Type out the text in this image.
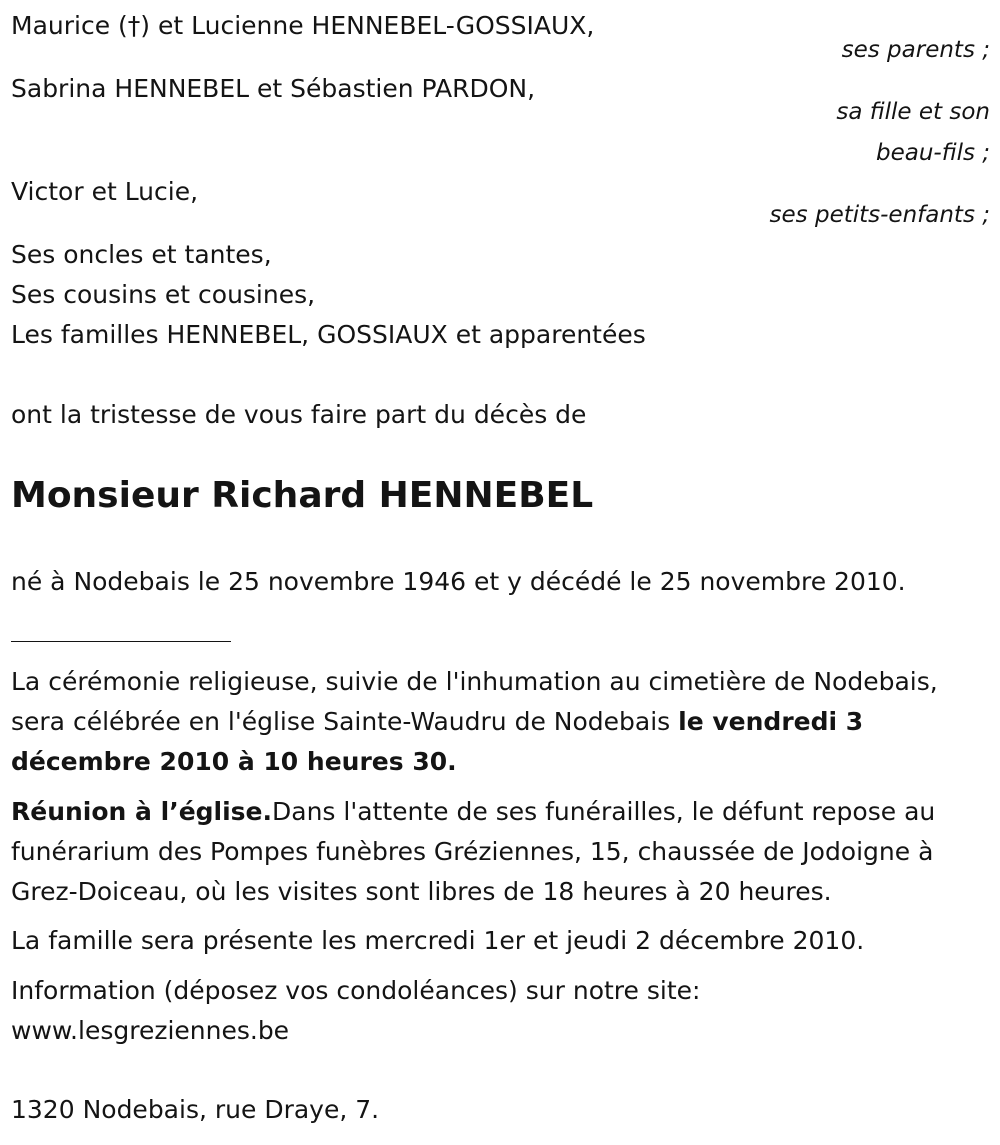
Maurice (†) et Lucienne HENNEBEL-GOSSIAUX,
ses parents ;
Sabrina HENNEBEL et Sébastien PARDON,
sa fille et son
beau-fils ;
Victor et Lucie,
ses petits-enfants ;
Ses oncles et tantes,
Ses cousins et cousines,
Les familles HENNEBEL, GOSSIAUX et apparentées
ont la tristesse de vous faire part du décès de
Monsieur Richard HENNEBEL
né à Nodebais le 25 novembre 1946 et y décédé le 25 novembre 2010.
La cérémonie religieuse, suivie de l'inhumation au cimetière de Nodebais, sera célébrée en l'église Sainte-Waudru de Nodebais le vendredi 3 décembre 2010 à 10 heures 30.
Réunion à l’église.Dans l'attente de ses funérailles, le défunt repose au funérarium des Pompes funèbres Gréziennes, 15, chaussée de Jodoigne à Grez-Doiceau, où les visites sont libres de 18 heures à 20 heures.
La famille sera présente les mercredi 1er et jeudi 2 décembre 2010.
Information (déposez vos condoléances) sur notre site:
www.lesgreziennes.be
1320 Nodebais, rue Draye, 7.
